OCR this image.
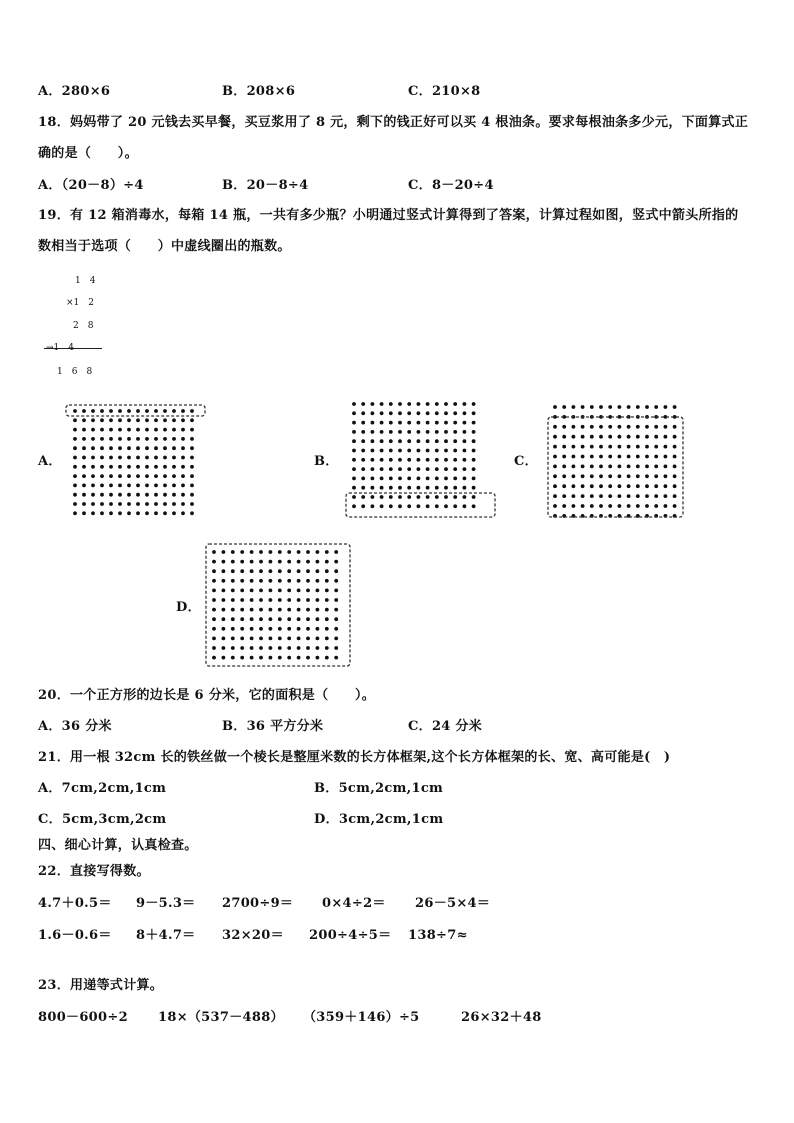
A．280×6	B．208×6	C．210×8
18．妈妈带了 20 元钱去买早餐，买豆浆用了 8 元，剩下的钱正好可以买 4 根油条。要求每根油条多少元，下面算式正
确的是（　　）。
A．（20－8）÷4	B．20－8÷4	C．8－20÷4
19．有 12 箱消毒水，每箱 14 瓶，一共有多少瓶？小明通过竖式计算得到了答案，计算过程如图，竖式中箭头所指的
数相当于选项（　　）中虚线圈出的瓶数。
1　4
×1　2
2　8
→1　4
1　6　8
A．	B．	C．
D．
20．一个正方形的边长是 6 分米，它的面积是（　　）。
A．36 分米	B．36 平方分米	C．24 分米
21．用一根 32cm 长的铁丝做一个棱长是整厘米数的长方体框架,这个长方体框架的长、宽、高可能是(　)
A．7cm,2cm,1cm	B．5cm,2cm,1cm
C．5cm,3cm,2cm	D．3cm,2cm,1cm
四、细心计算，认真检查。
22．直接写得数。
4.7＋0.5＝ 9－5.3＝ 2700÷9＝ 0×4÷2＝ 26－5×4＝
1.6－0.6＝ 8＋4.7＝ 32×20＝ 200÷4÷5＝ 138÷7≈
23．用递等式计算。
800－600÷2 18×（537－488） （359＋146）÷5	26×32＋48
